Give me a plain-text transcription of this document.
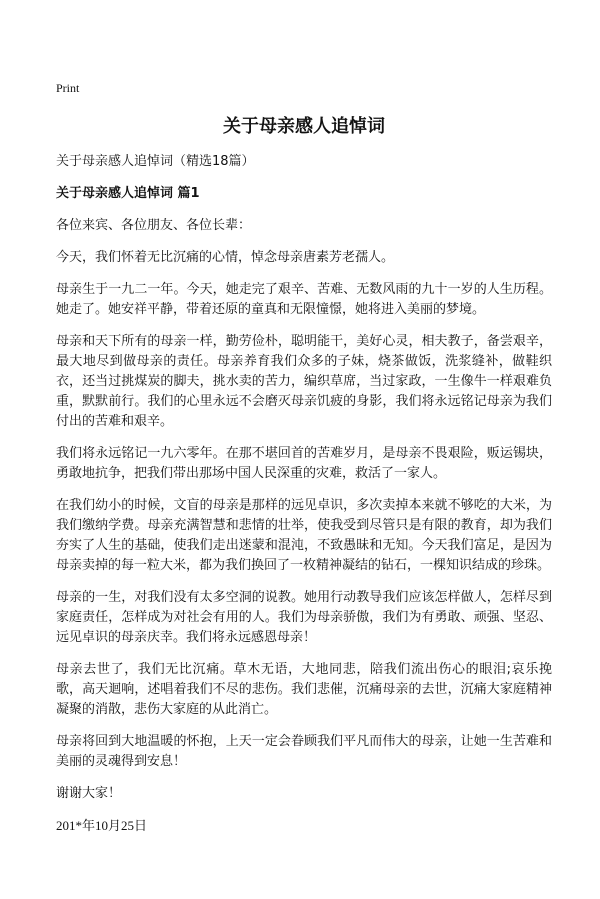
Print
关于母亲感人追悼词
关于母亲感人追悼词（精选18篇）
关于母亲感人追悼词 篇1

各位来宾、各位朋友、各位长辈：

今天，我们怀着无比沉痛的心情，悼念母亲唐素芳老孺人。

母亲生于一九二一年。今天，她走完了艰辛、苦难、无数风雨的九十一岁的人生历程。她走了。她安祥平静，带着还原的童真和无限憧憬，她将进入美丽的梦境。

母亲和天下所有的母亲一样，勤劳俭朴，聪明能干，美好心灵，相夫教子，备尝艰辛，最大地尽到做母亲的责任。母亲养育我们众多的子妹，烧茶做饭，洗浆缝补，做鞋织衣，还当过挑煤炭的脚夫，挑水卖的苦力，编织草席，当过家政，一生像牛一样艰难负重，默默前行。我们的心里永远不会磨灭母亲饥疲的身影，我们将永远铭记母亲为我们付出的苦难和艰辛。

我们将永远铭记一九六零年。在那不堪回首的苦难岁月，是母亲不畏艰险，贩运锡块，勇敢地抗争，把我们带出那场中国人民深重的灾难，救活了一家人。

在我们幼小的时候，文盲的母亲是那样的远见卓识，多次卖掉本来就不够吃的大米，为我们缴纳学费。母亲充满智慧和悲情的壮举，使我受到尽管只是有限的教育，却为我们夯实了人生的基础，使我们走出迷蒙和混沌，不致愚昧和无知。今天我们富足，是因为母亲卖掉的每一粒大米，都为我们换回了一枚精神凝结的钻石，一棵知识结成的珍珠。

母亲的一生，对我们没有太多空洞的说教。她用行动教导我们应该怎样做人，怎样尽到家庭责任，怎样成为对社会有用的人。我们为母亲骄傲，我们为有勇敢、顽强、坚忍、远见卓识的母亲庆幸。我们将永远感恩母亲！

母亲去世了，我们无比沉痛。草木无语，大地同悲，陪我们流出伤心的眼泪;哀乐挽歌，高天迴响，述唱着我们不尽的悲伤。我们悲催，沉痛母亲的去世，沉痛大家庭精神凝聚的消散，悲伤大家庭的从此消亡。

母亲将回到大地温暖的怀抱，上天一定会眷顾我们平凡而伟大的母亲，让她一生苦难和美丽的灵魂得到安息！

谢谢大家！

201*年10月25日
